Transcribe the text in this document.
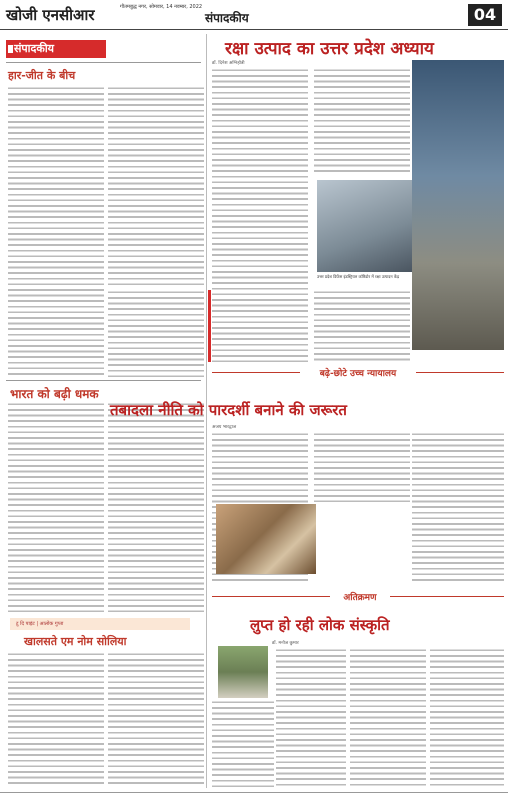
खोजी एनसीआर	गौतमबुद्ध नगर, सोमवार, 14 नवम्बर, 2022
संपादकीय	04
संपादकीय
हार-जीत के बीच
भारत को बढ़ी धमक
टू दि पाइंट | आलोक गुप्ता
खालसते एम नोम सोलिया
रक्षा उत्पाद का उत्तर प्रदेश अध्याय
डॉ. दिनेश अग्निहोत्री
उत्तर प्रदेश डिफेंस इंडस्ट्रियल कॉरिडोर में रक्षा उत्पादन केंद्र
बढ़े-छोटे उच्च न्यायालय
तबादला नीति को पारदर्शी बनाने की जरूरत
अजय भारद्वाज
अतिक्रमण
लुप्त हो रही लोक संस्कृति
डॉ. मनोज कुमार
